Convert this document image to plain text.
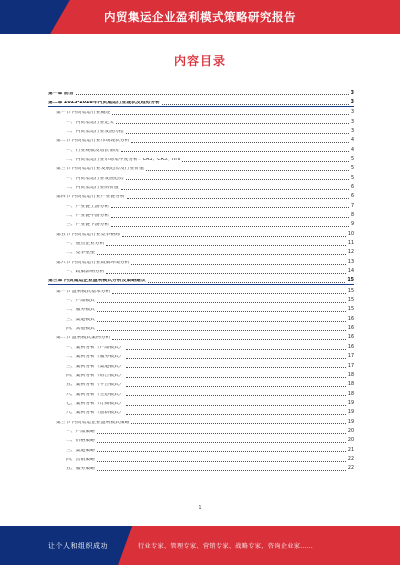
内贸集运企业盈利模式策略研究报告
内容目录
第一章 前言	3
第二章 2023-2028年内贸集运行业现状及趋势分析	3
第一节 内贸集运行业概述	3
一、内贸集运行业定义	3
二、内贸集运行业发展历程	3
第二节 内贸集运行业市场现状分析	4
一、行业规模及增长情况	4
二、内贸集运行业市场集中度分析：CR3、CR5、HHI	5
第三节 内贸集运行业发展趋势及行业价值	5
一、内贸集运行业发展趋势	5
二、内贸集运行业的价值	6
第四节 内贸集运行业产业链分析	6
一、产业链上游分析	7
二、产业链中游分析	8
三、产业链下游分析	9
第五节 内贸集运行业竞争格局	10
一、重点企业分析	11
二、竞争壁垒	12
第六节 内贸集运行业政策环境分析	13
一、政策影响分析	14
第三章 内贸集运企业盈利模式分析及策略建议	15
第一节 盈利模式基本分析	15
一、产品模式	15
二、服务模式	15
三、渠道模式	16
四、其他模式	16
第二节 盈利模式案例分析	16
一、案例分析（产品模式）	16
二、案例分析（服务模式）	17
三、案例分析（渠道模式）	17
四、案例分析（组合模式）	18
五、案例分析（平台模式）	18
六、案例分析（生态模式）	18
七、案例分析（订阅模式）	19
八、案例分析（创新模式）	19
第三节 内贸集运企业盈利模式策略	19
一、产品策略	20
二、价格策略	20
三、渠道策略	21
四、营销策略	22
五、服务策略	22
1
让个人和组织成功	行业专家、管理专家、营销专家、战略专家、咨询企业家……
